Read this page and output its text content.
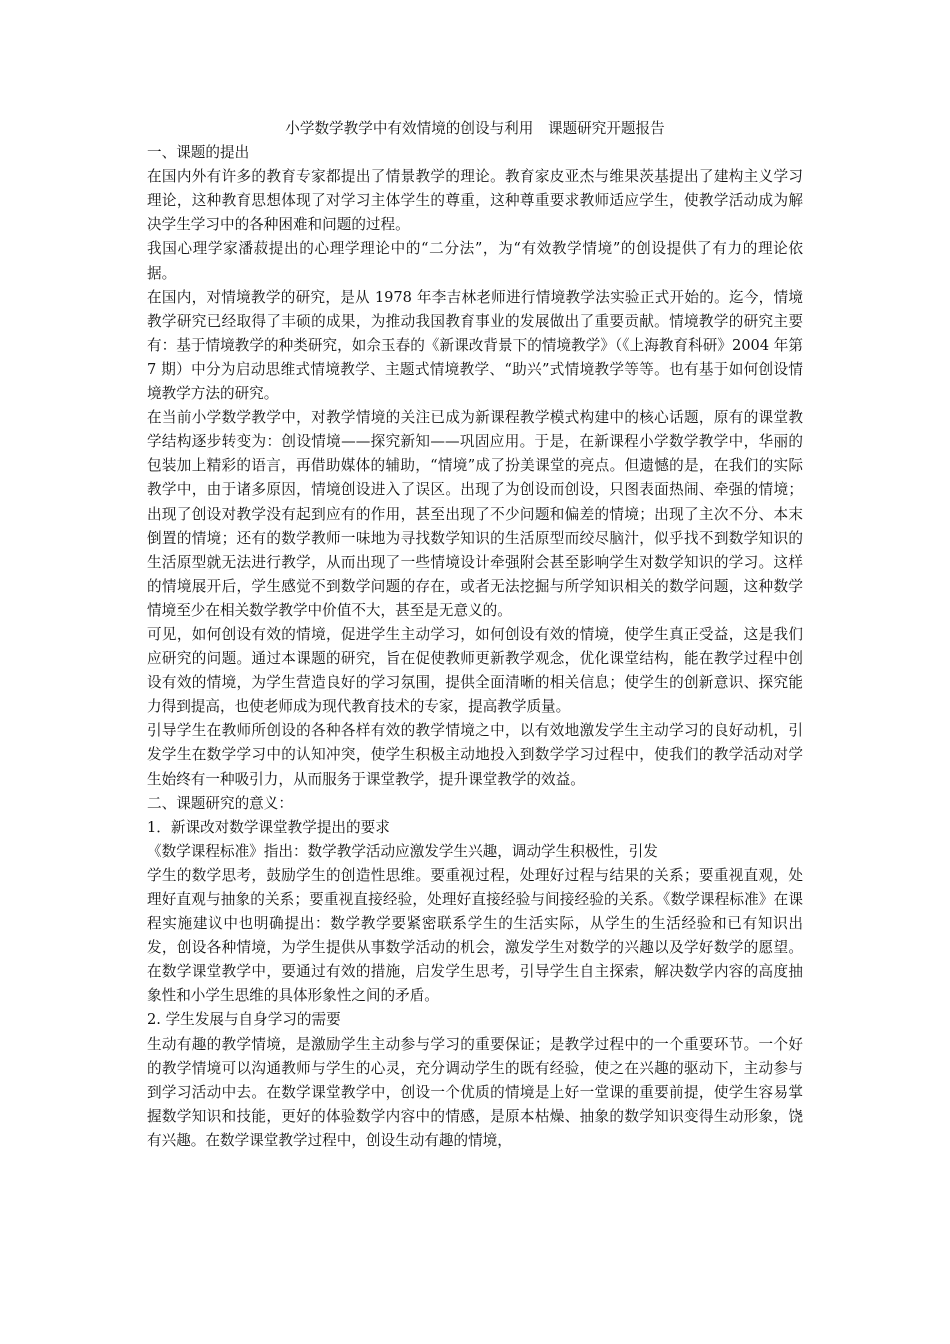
小学数学教学中有效情境的创设与利用　课题研究开题报告

一、课题的提出

在国内外有许多的教育专家都提出了情景教学的理论。教育家皮亚杰与维果茨基提出了建构主义学习理论，这种教育思想体现了对学习主体学生的尊重，这种尊重要求教师适应学生，使教学活动成为解决学生学习中的各种困难和问题的过程。

我国心理学家潘菽提出的心理学理论中的“二分法”，为“有效教学情境”的创设提供了有力的理论依据。

在国内，对情境教学的研究，是从 1978 年李吉林老师进行情境教学法实验正式开始的。迄今，情境教学研究已经取得了丰硕的成果，为推动我国教育事业的发展做出了重要贡献。情境教学的研究主要有：基于情境教学的种类研究，如佘玉春的《新课改背景下的情境教学》（《上海教育科研》2004 年第 7 期）中分为启动思维式情境教学、主题式情境教学、“助兴”式情境教学等等。也有基于如何创设情境教学方法的研究。

在当前小学数学教学中，对教学情境的关注已成为新课程教学模式构建中的核心话题，原有的课堂教学结构逐步转变为：创设情境——探究新知——巩固应用。于是，在新课程小学数学教学中，华丽的包装加上精彩的语言，再借助媒体的辅助，“情境”成了扮美课堂的亮点。但遗憾的是，在我们的实际教学中，由于诸多原因，情境创设进入了误区。出现了为创设而创设，只图表面热闹、牵强的情境；出现了创设对教学没有起到应有的作用，甚至出现了不少问题和偏差的情境；出现了主次不分、本末倒置的情境；还有的数学教师一味地为寻找数学知识的生活原型而绞尽脑汁，似乎找不到数学知识的生活原型就无法进行教学，从而出现了一些情境设计牵强附会甚至影响学生对数学知识的学习。这样的情境展开后，学生感觉不到数学问题的存在，或者无法挖掘与所学知识相关的数学问题，这种数学情境至少在相关数学教学中价值不大，甚至是无意义的。

可见，如何创设有效的情境，促进学生主动学习，如何创设有效的情境，使学生真正受益，这是我们应研究的问题。通过本课题的研究，旨在促使教师更新教学观念，优化课堂结构，能在教学过程中创设有效的情境，为学生营造良好的学习氛围，提供全面清晰的相关信息；使学生的创新意识、探究能力得到提高，也使老师成为现代教育技术的专家，提高教学质量。

引导学生在教师所创设的各种各样有效的教学情境之中，以有效地激发学生主动学习的良好动机，引发学生在数学学习中的认知冲突，使学生积极主动地投入到数学学习过程中，使我们的教学活动对学生始终有一种吸引力，从而服务于课堂教学，提升课堂教学的效益。

二、课题研究的意义：

1．新课改对数学课堂教学提出的要求

《数学课程标准》指出：数学教学活动应激发学生兴趣，调动学生积极性，引发

学生的数学思考，鼓励学生的创造性思维。要重视过程，处理好过程与结果的关系；要重视直观，处理好直观与抽象的关系；要重视直接经验，处理好直接经验与间接经验的关系。《数学课程标准》在课程实施建议中也明确提出：数学教学要紧密联系学生的生活实际，从学生的生活经验和已有知识出发，创设各种情境，为学生提供从事数学活动的机会，激发学生对数学的兴趣以及学好数学的愿望。在数学课堂教学中，要通过有效的措施，启发学生思考，引导学生自主探索，解决数学内容的高度抽象性和小学生思维的具体形象性之间的矛盾。

2. 学生发展与自身学习的需要

生动有趣的教学情境，是激励学生主动参与学习的重要保证；是教学过程中的一个重要环节。一个好的教学情境可以沟通教师与学生的心灵，充分调动学生的既有经验，使之在兴趣的驱动下，主动参与到学习活动中去。在数学课堂教学中，创设一个优质的情境是上好一堂课的重要前提，使学生容易掌握数学知识和技能，更好的体验数学内容中的情感，是原本枯燥、抽象的数学知识变得生动形象，饶有兴趣。在数学课堂教学过程中，创设生动有趣的情境，
